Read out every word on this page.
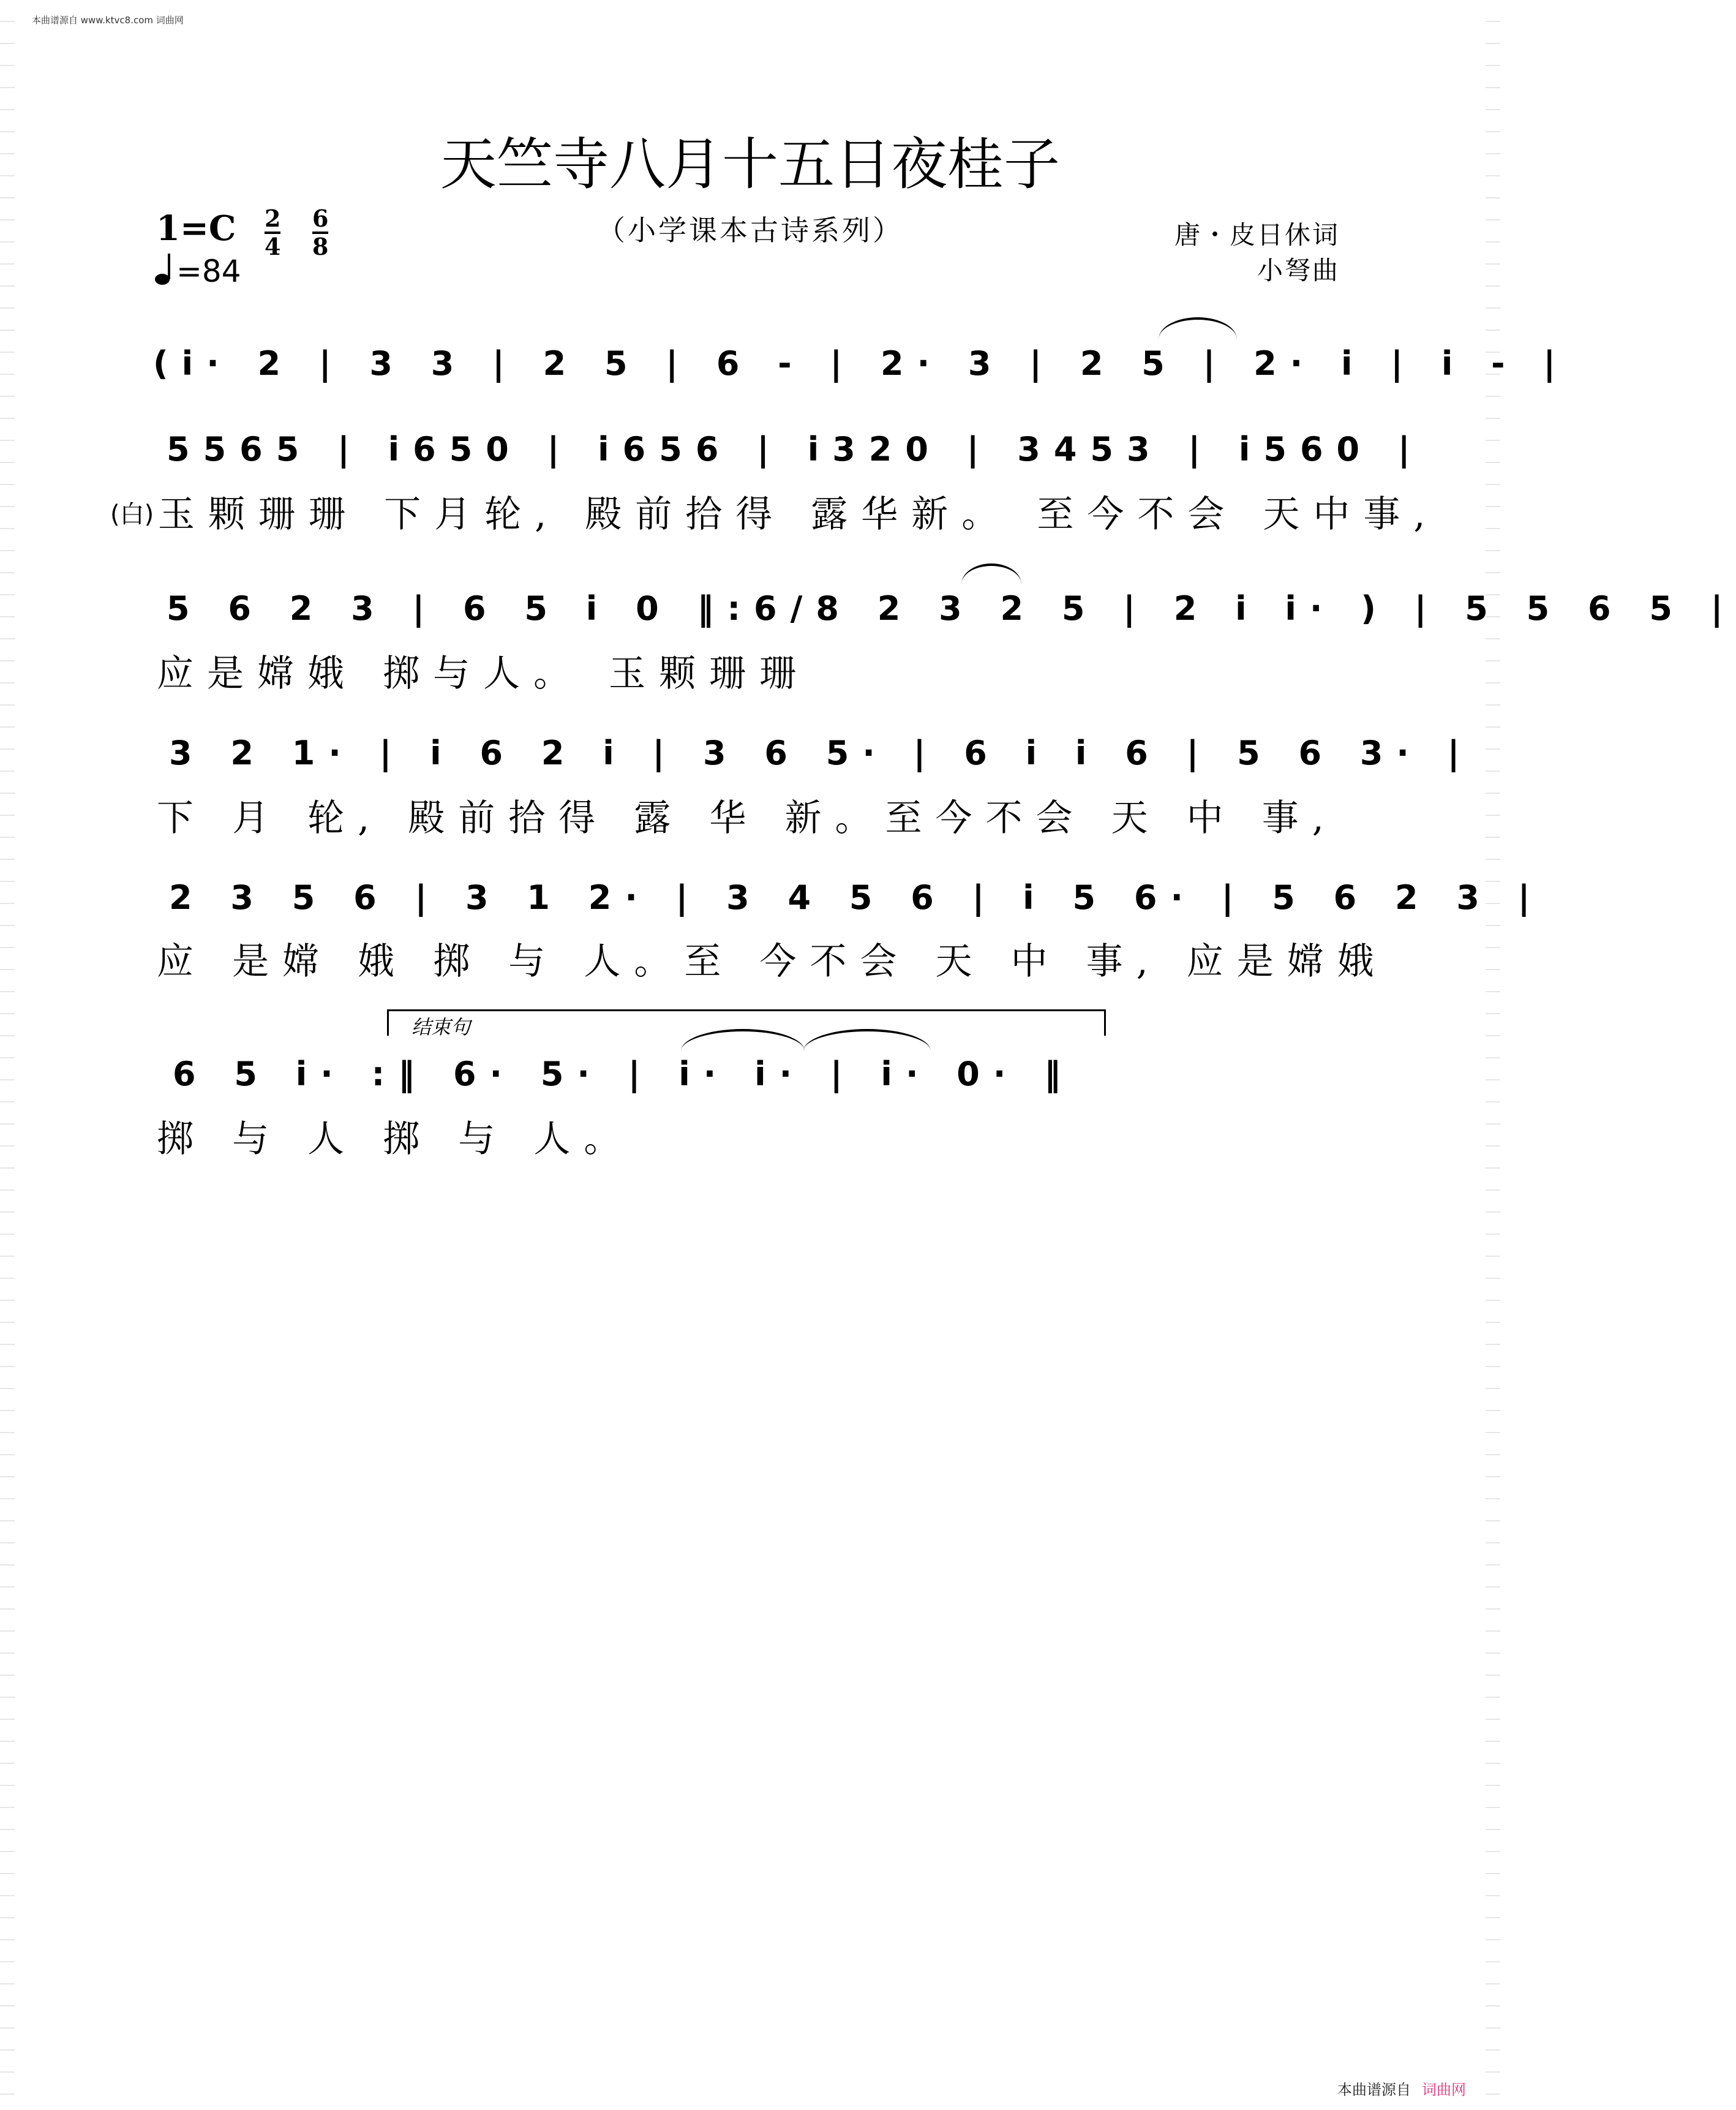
本曲谱源自 www.ktvc8.com 词曲网
天竺寺八月十五日夜桂子
（小学课本古诗系列）
1=C 2
4
6
8
=84
唐・皮日休词
小弩曲
(i· 2 | 3 3 | 2 5 | 6 - | 2· 3 | 2 5 | 2· i | i - |
5565 | i650 | i656 | i320 | 3453 | i560 |
(白) 玉颗珊珊 下月轮, 殿前拾得 露华新。 至今不会 天中事,
5 6 2 3 | 6 5 i 0 ‖:6/8 2 3 2 5 | 2 i i· ) | 5 5 6 5 |
应是嫦娥 掷与人。 玉颗珊珊
3 2 1· | i 6 2 i | 3 6 5· | 6 i i 6 | 5 6 3· |
下 月 轮, 殿前拾得 露 华 新。至今不会 天 中 事,
2 3 5 6 | 3 1 2· | 3 4 5 6 | i 5 6· | 5 6 2 3 |
应 是嫦 娥 掷 与 人。至 今不会 天 中 事, 应是嫦娥
结束句
6 5 i· :‖ 6· 5· | i· i· | i· 0· ‖
掷 与 人 掷 与 人。
本曲谱源自 词曲网
